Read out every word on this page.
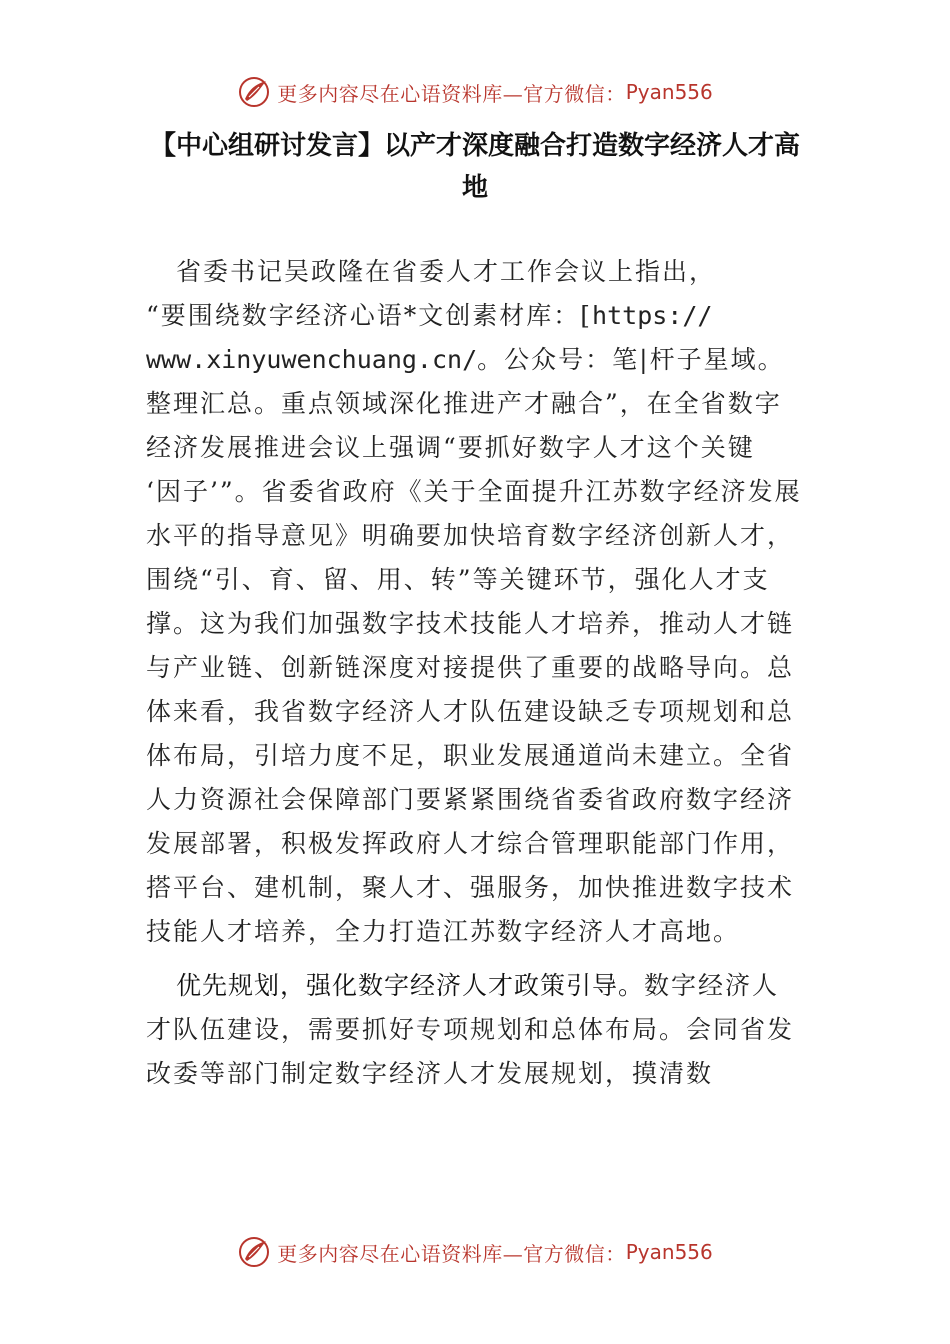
更多内容尽在心语资料库—官方微信： Pyan556
【中心组研讨发言】以产才深度融合打造数字经济人才高地

省委书记吴政隆在省委人才工作会议上指出，
“要围绕数字经济心语*文创素材库：[https://
www.xinyuwenchuang.cn/。公众号：笔|杆子星域。
整理汇总。重点领域深化推进产才融合”，在全省数字经济发展推进会议上强调“要抓好数字人才这个关键
‘因子’”。省委省政府《关于全面提升江苏数字经济发展水平的指导意见》明确要加快培育数字经济创新人才，围绕“引、育、留、用、转”等关键环节，强化人才支撑。这为我们加强数字技术技能人才培养，推动人才链与产业链、创新链深度对接提供了重要的战略导向。总体来看，我省数字经济人才队伍建设缺乏专项规划和总体布局，引培力度不足，职业发展通道尚未建立。全省人力资源社会保障部门要紧紧围绕省委省政府数字经济发展部署，积极发挥政府人才综合管理职能部门作用，搭平台、建机制，聚人才、强服务，加快推进数字技术技能人才培养，全力打造江苏数字经济人才高地。

优先规划，强化数字经济人才政策引导。数字经济人才队伍建设，需要抓好专项规划和总体布局。会同省发改委等部门制定数字经济人才发展规划，摸清数

更多内容尽在心语资料库—官方微信： Pyan556
